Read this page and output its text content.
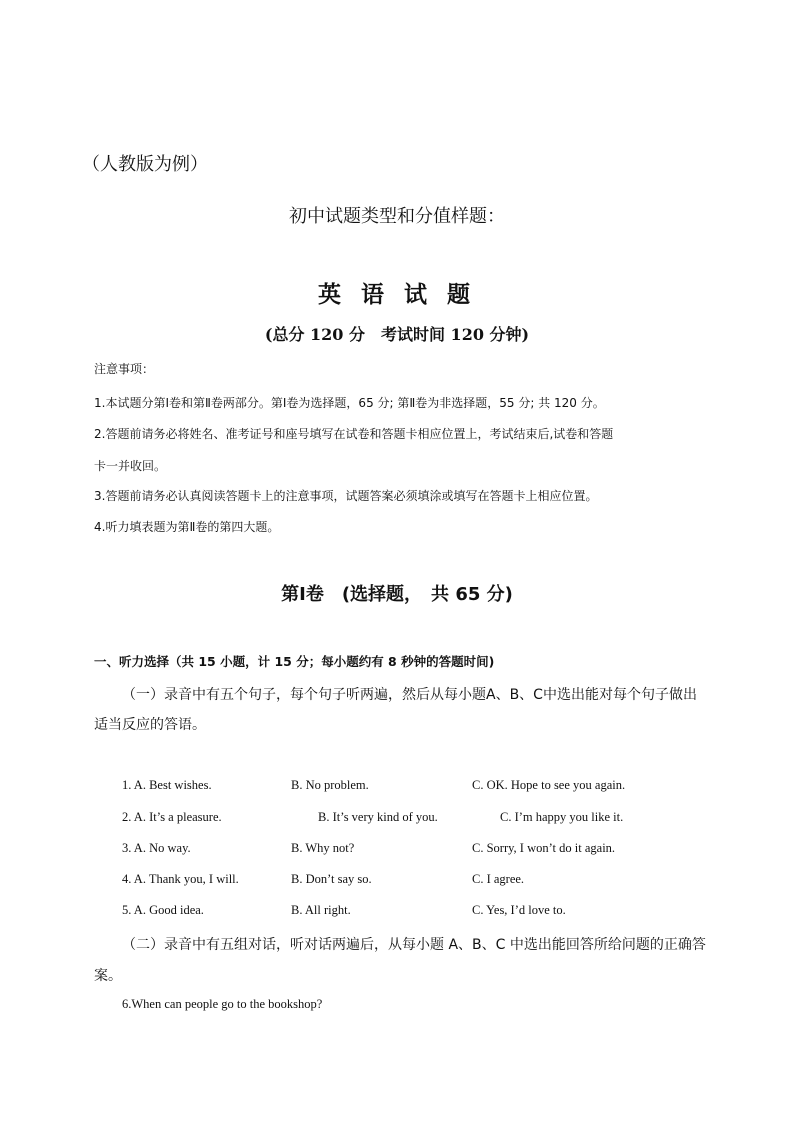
（人教版为例）
初中试题类型和分值样题：
英 语 试 题
(总分 120 分　考试时间 120 分钟)
注意事项：
1.本试题分第Ⅰ卷和第Ⅱ卷两部分。第Ⅰ卷为选择题，65 分; 第Ⅱ卷为非选择题，55 分; 共 120 分。
2.答题前请务必将姓名、准考证号和座号填写在试卷和答题卡相应位置上，考试结束后,试卷和答题
卡一并收回。
3.答题前请务必认真阅读答题卡上的注意事项，试题答案必须填涂或填写在答题卡上相应位置。
4.听力填表题为第Ⅱ卷的第四大题。
第Ⅰ卷　(选择题，　共 65 分)
一、听力选择（共 15 小题，计 15 分；每小题约有 8 秒钟的答题时间)
（一）录音中有五个句子，每个句子听两遍，然后从每小题A、B、C中选出能对每个句子做出
适当反应的答语。
1. A. Best wishes.	B. No problem.	C. OK. Hope to see you again.
2. A. It’s a pleasure.	B. It’s very kind of you.	C. I’m happy you like it.
3. A. No way.	B. Why not?	C. Sorry, I won’t do it again.
4. A. Thank you, I will.	B. Don’t say so.	C. I agree.
5. A. Good idea.	B. All right.	C. Yes, I’d love to.
（二）录音中有五组对话，听对话两遍后，从每小题 A、B、C 中选出能回答所给问题的正确答
案。
6.When can people go to the bookshop?
